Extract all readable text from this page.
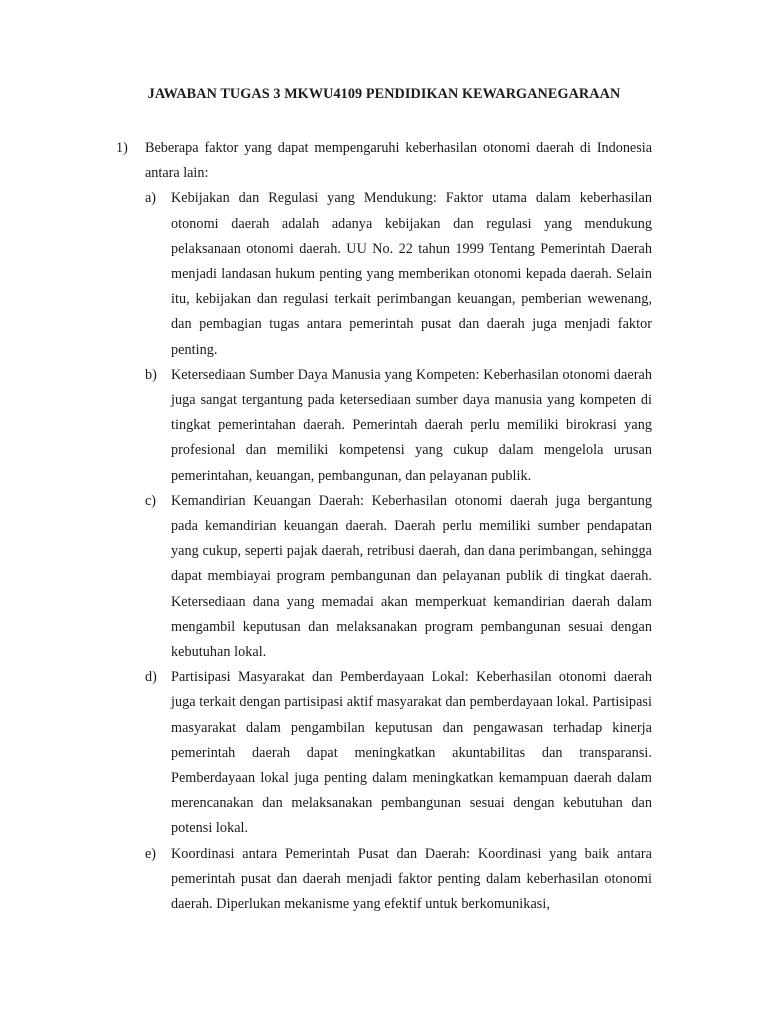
JAWABAN TUGAS 3 MKWU4109 PENDIDIKAN KEWARGANEGARAAN
1) Beberapa faktor yang dapat mempengaruhi keberhasilan otonomi daerah di Indonesia antara lain:
a) Kebijakan dan Regulasi yang Mendukung: Faktor utama dalam keberhasilan otonomi daerah adalah adanya kebijakan dan regulasi yang mendukung pelaksanaan otonomi daerah. UU No. 22 tahun 1999 Tentang Pemerintah Daerah menjadi landasan hukum penting yang memberikan otonomi kepada daerah. Selain itu, kebijakan dan regulasi terkait perimbangan keuangan, pemberian wewenang, dan pembagian tugas antara pemerintah pusat dan daerah juga menjadi faktor penting.
b) Ketersediaan Sumber Daya Manusia yang Kompeten: Keberhasilan otonomi daerah juga sangat tergantung pada ketersediaan sumber daya manusia yang kompeten di tingkat pemerintahan daerah. Pemerintah daerah perlu memiliki birokrasi yang profesional dan memiliki kompetensi yang cukup dalam mengelola urusan pemerintahan, keuangan, pembangunan, dan pelayanan publik.
c) Kemandirian Keuangan Daerah: Keberhasilan otonomi daerah juga bergantung pada kemandirian keuangan daerah. Daerah perlu memiliki sumber pendapatan yang cukup, seperti pajak daerah, retribusi daerah, dan dana perimbangan, sehingga dapat membiayai program pembangunan dan pelayanan publik di tingkat daerah. Ketersediaan dana yang memadai akan memperkuat kemandirian daerah dalam mengambil keputusan dan melaksanakan program pembangunan sesuai dengan kebutuhan lokal.
d) Partisipasi Masyarakat dan Pemberdayaan Lokal: Keberhasilan otonomi daerah juga terkait dengan partisipasi aktif masyarakat dan pemberdayaan lokal. Partisipasi masyarakat dalam pengambilan keputusan dan pengawasan terhadap kinerja pemerintah daerah dapat meningkatkan akuntabilitas dan transparansi. Pemberdayaan lokal juga penting dalam meningkatkan kemampuan daerah dalam merencanakan dan melaksanakan pembangunan sesuai dengan kebutuhan dan potensi lokal.
e) Koordinasi antara Pemerintah Pusat dan Daerah: Koordinasi yang baik antara pemerintah pusat dan daerah menjadi faktor penting dalam keberhasilan otonomi daerah. Diperlukan mekanisme yang efektif untuk berkomunikasi,
